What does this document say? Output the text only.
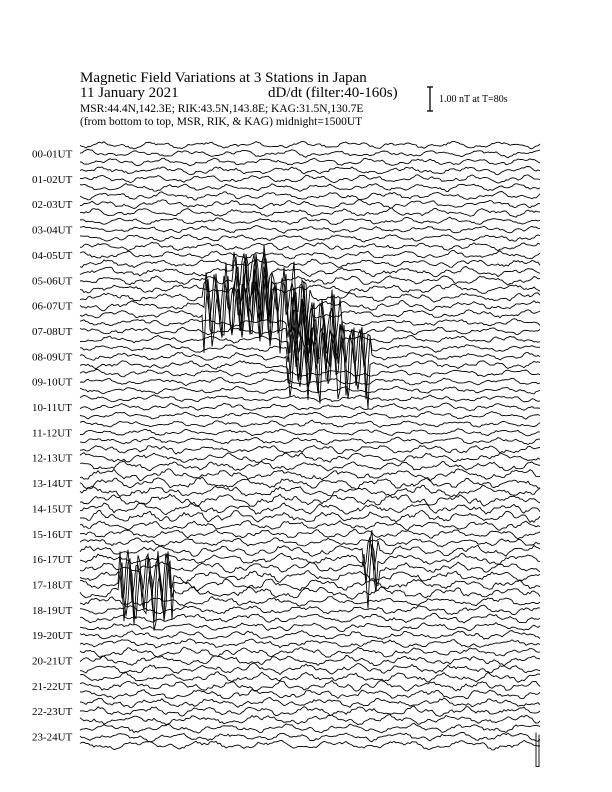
Magnetic Field Variations at 3 Stations in Japan
11 January 2021	dD/dt (filter:40-160s)
MSR:44.4N,142.3E; RIK:43.5N,143.8E; KAG:31.5N,130.7E
(from bottom to top, MSR, RIK, & KAG) midnight=1500UT
1.00 nT at T=80s
00-01UT
01-02UT
02-03UT
03-04UT
04-05UT
05-06UT
06-07UT
07-08UT
08-09UT
09-10UT
10-11UT
11-12UT
12-13UT
13-14UT
14-15UT
15-16UT
16-17UT
17-18UT
18-19UT
19-20UT
20-21UT
21-22UT
22-23UT
23-24UT
